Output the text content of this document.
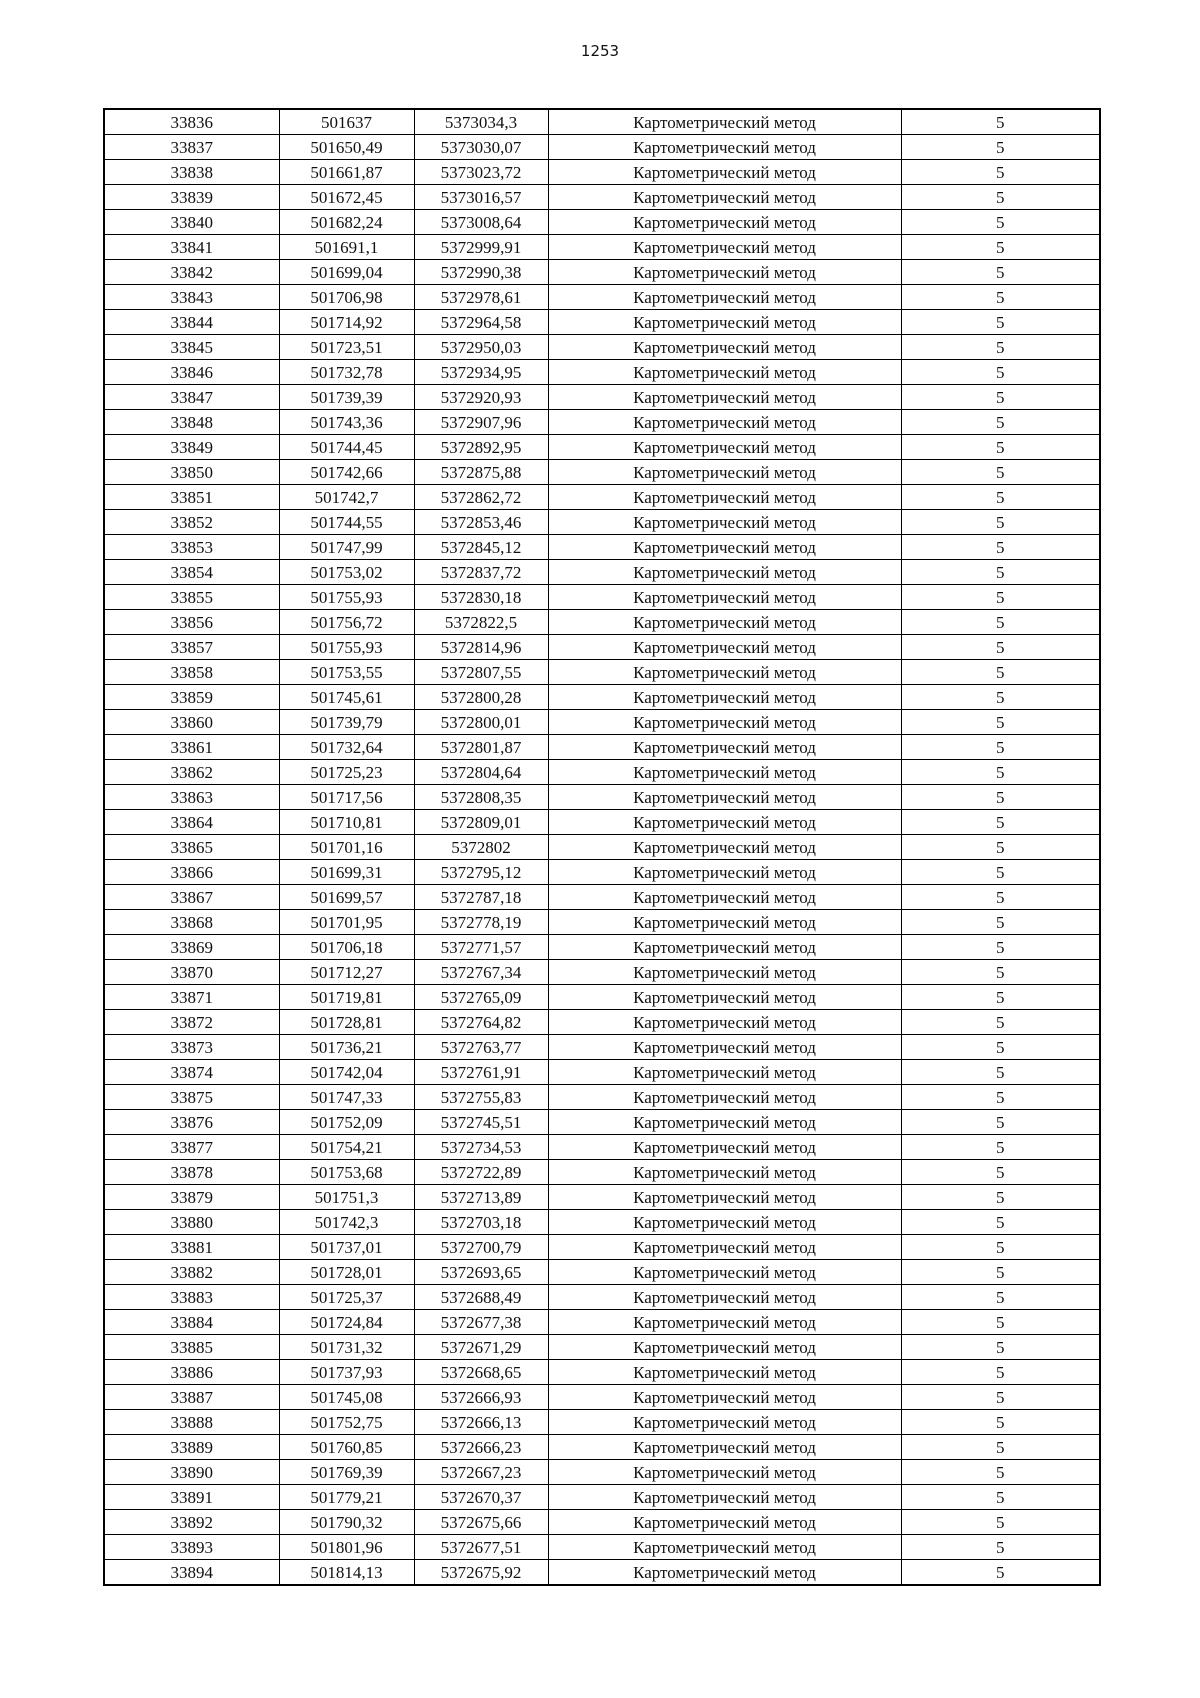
1253
33836	501637	5373034,3	Картометрический метод	5
33837	501650,49	5373030,07	Картометрический метод	5
33838	501661,87	5373023,72	Картометрический метод	5
33839	501672,45	5373016,57	Картометрический метод	5
33840	501682,24	5373008,64	Картометрический метод	5
33841	501691,1	5372999,91	Картометрический метод	5
33842	501699,04	5372990,38	Картометрический метод	5
33843	501706,98	5372978,61	Картометрический метод	5
33844	501714,92	5372964,58	Картометрический метод	5
33845	501723,51	5372950,03	Картометрический метод	5
33846	501732,78	5372934,95	Картометрический метод	5
33847	501739,39	5372920,93	Картометрический метод	5
33848	501743,36	5372907,96	Картометрический метод	5
33849	501744,45	5372892,95	Картометрический метод	5
33850	501742,66	5372875,88	Картометрический метод	5
33851	501742,7	5372862,72	Картометрический метод	5
33852	501744,55	5372853,46	Картометрический метод	5
33853	501747,99	5372845,12	Картометрический метод	5
33854	501753,02	5372837,72	Картометрический метод	5
33855	501755,93	5372830,18	Картометрический метод	5
33856	501756,72	5372822,5	Картометрический метод	5
33857	501755,93	5372814,96	Картометрический метод	5
33858	501753,55	5372807,55	Картометрический метод	5
33859	501745,61	5372800,28	Картометрический метод	5
33860	501739,79	5372800,01	Картометрический метод	5
33861	501732,64	5372801,87	Картометрический метод	5
33862	501725,23	5372804,64	Картометрический метод	5
33863	501717,56	5372808,35	Картометрический метод	5
33864	501710,81	5372809,01	Картометрический метод	5
33865	501701,16	5372802	Картометрический метод	5
33866	501699,31	5372795,12	Картометрический метод	5
33867	501699,57	5372787,18	Картометрический метод	5
33868	501701,95	5372778,19	Картометрический метод	5
33869	501706,18	5372771,57	Картометрический метод	5
33870	501712,27	5372767,34	Картометрический метод	5
33871	501719,81	5372765,09	Картометрический метод	5
33872	501728,81	5372764,82	Картометрический метод	5
33873	501736,21	5372763,77	Картометрический метод	5
33874	501742,04	5372761,91	Картометрический метод	5
33875	501747,33	5372755,83	Картометрический метод	5
33876	501752,09	5372745,51	Картометрический метод	5
33877	501754,21	5372734,53	Картометрический метод	5
33878	501753,68	5372722,89	Картометрический метод	5
33879	501751,3	5372713,89	Картометрический метод	5
33880	501742,3	5372703,18	Картометрический метод	5
33881	501737,01	5372700,79	Картометрический метод	5
33882	501728,01	5372693,65	Картометрический метод	5
33883	501725,37	5372688,49	Картометрический метод	5
33884	501724,84	5372677,38	Картометрический метод	5
33885	501731,32	5372671,29	Картометрический метод	5
33886	501737,93	5372668,65	Картометрический метод	5
33887	501745,08	5372666,93	Картометрический метод	5
33888	501752,75	5372666,13	Картометрический метод	5
33889	501760,85	5372666,23	Картометрический метод	5
33890	501769,39	5372667,23	Картометрический метод	5
33891	501779,21	5372670,37	Картометрический метод	5
33892	501790,32	5372675,66	Картометрический метод	5
33893	501801,96	5372677,51	Картометрический метод	5
33894	501814,13	5372675,92	Картометрический метод	5
